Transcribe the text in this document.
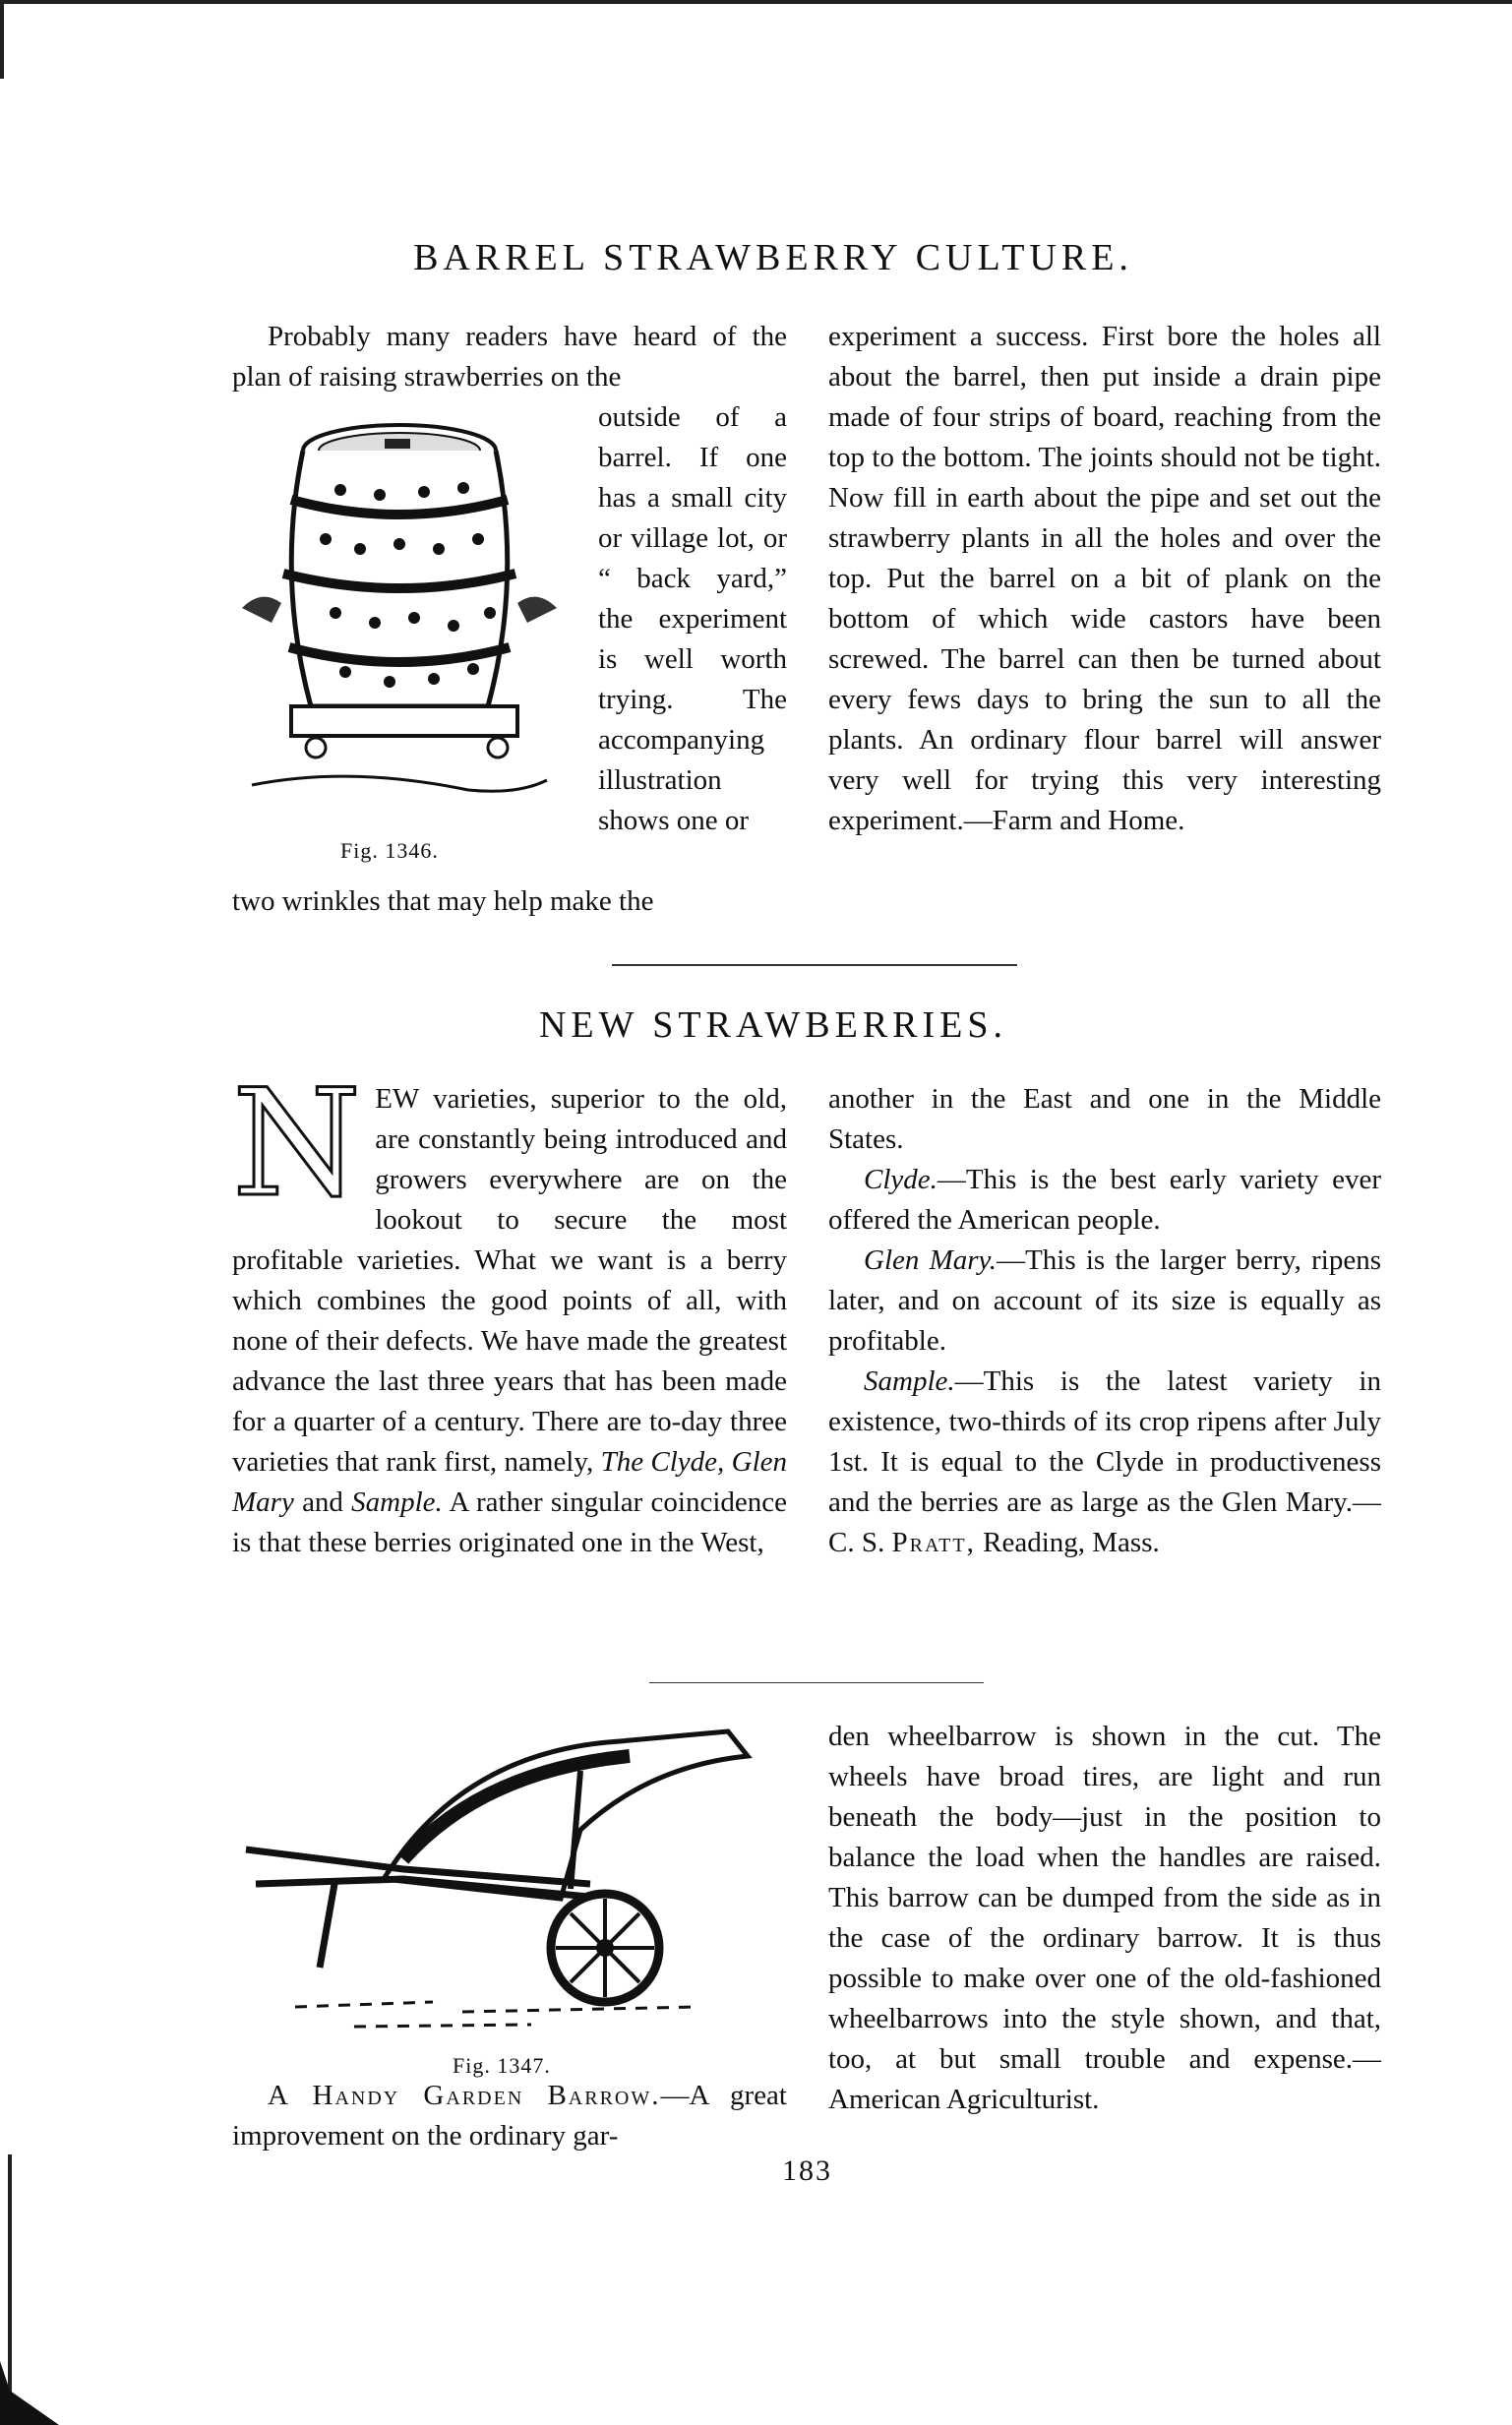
BARREL STRAWBERRY CULTURE.

Probably many readers have heard of the plan of raising strawberries on the

outside of a barrel. If one has a small city or village lot, or “ back yard,” the experiment is well worth trying. The accompanying illustration shows one or
Fig. 1346.

two wrinkles that may help make the

experiment a success. First bore the holes all about the barrel, then put inside a drain pipe made of four strips of board, reaching from the top to the bottom. The joints should not be tight. Now fill in earth about the pipe and set out the strawberry plants in all the holes and over the top. Put the barrel on a bit of plank on the bottom of which wide castors have been screwed. The barrel can then be turned about every fews days to bring the sun to all the plants. An ordinary flour barrel will answer very well for trying this very interesting experiment.—Farm and Home.
NEW STRAWBERRIES.
N EW varieties, superior to the old, are constantly being introduced and growers everywhere are on the lookout to secure the most profitable varieties. What we want is a berry which combines the good points of all, with none of their defects. We have made the greatest advance the last three years that has been made for a quarter of a century. There are to-day three varieties that rank first, namely, The Clyde, Glen Mary and Sample. A rather singular coincidence is that these berries originated one in the West,

another in the East and one in the Middle States.

Clyde.—This is the best early variety ever offered the American people.

Glen Mary.—This is the larger berry, ripens later, and on account of its size is equally as profitable.

Sample.—This is the latest variety in existence, two-thirds of its crop ripens after July 1st. It is equal to the Clyde in productiveness and the berries are as large as the Glen Mary.—C. S. Pratt, Reading, Mass.

Fig. 1347.

A Handy Garden Barrow.—A great improvement on the ordinary gar-

den wheelbarrow is shown in the cut. The wheels have broad tires, are light and run beneath the body—just in the position to balance the load when the handles are raised. This barrow can be dumped from the side as in the case of the ordinary barrow. It is thus possible to make over one of the old-fashioned wheelbarrows into the style shown, and that, too, at but small trouble and expense.—American Agriculturist.
183
